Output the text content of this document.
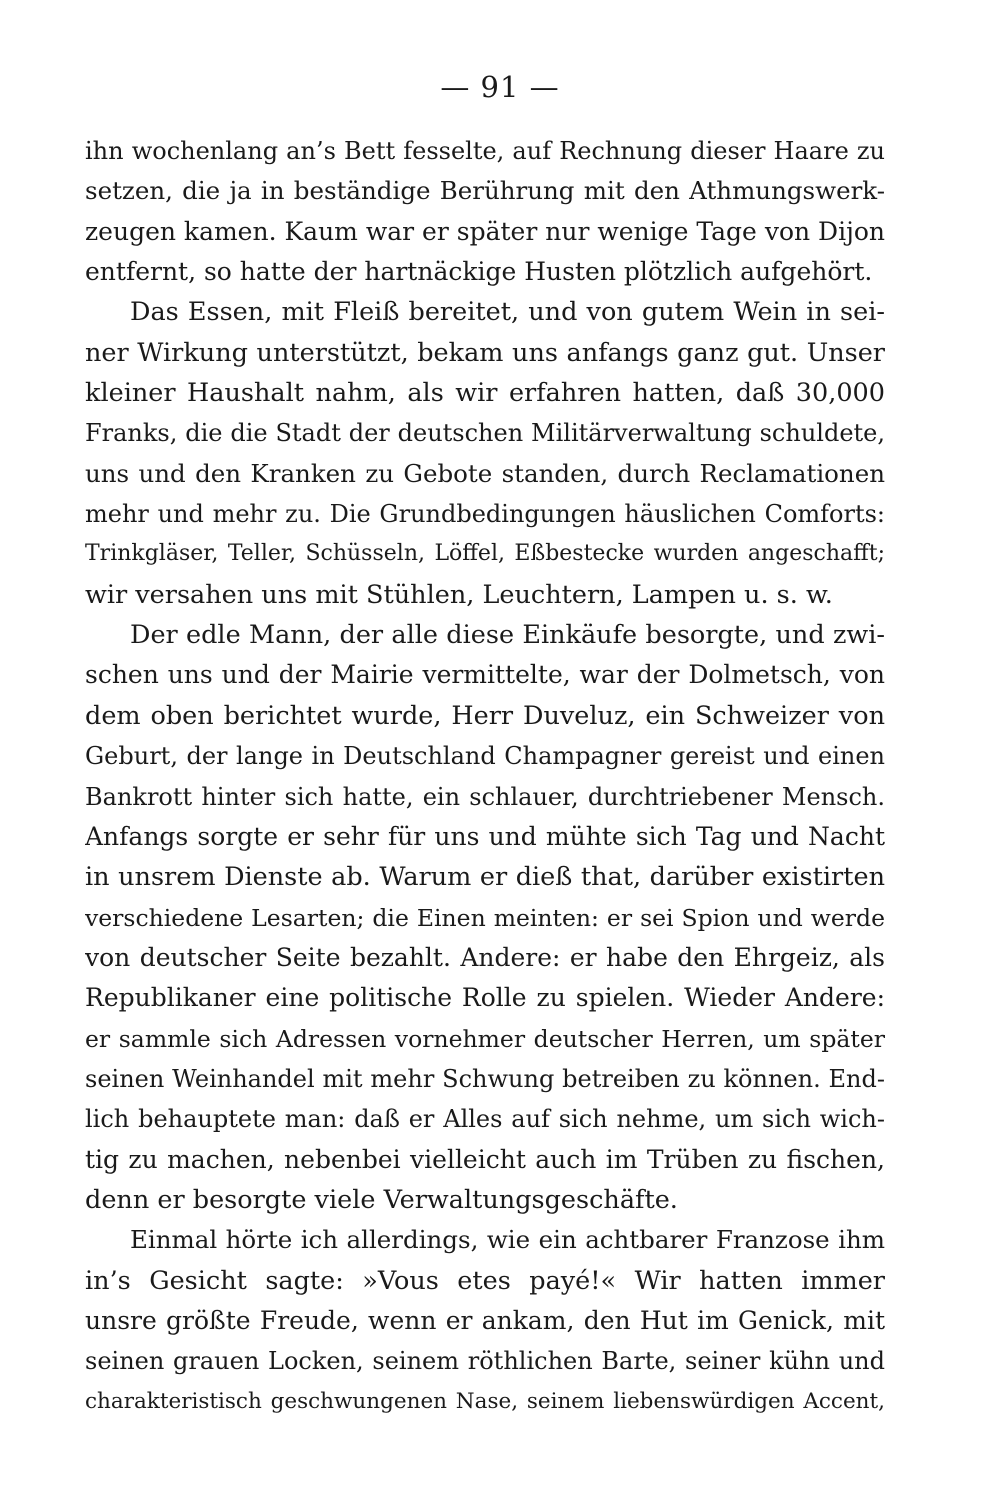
— 91 —
ihn wochenlang an’s Bett fesselte, auf Rechnung dieser Haare zu
setzen, die ja in beständige Berührung mit den Athmungswerk-
zeugen kamen. Kaum war er später nur wenige Tage von Dijon
entfernt, so hatte der hartnäckige Husten plötzlich aufgehört.
Das Essen, mit Fleiß bereitet, und von gutem Wein in sei-
ner Wirkung unterstützt, bekam uns anfangs ganz gut. Unser
kleiner Haushalt nahm, als wir erfahren hatten, daß 30,000
Franks, die die Stadt der deutschen Militärverwaltung schuldete,
uns und den Kranken zu Gebote standen, durch Reclamationen
mehr und mehr zu. Die Grundbedingungen häuslichen Comforts:
Trinkgläser, Teller, Schüsseln, Löffel, Eßbestecke wurden angeschafft;
wir versahen uns mit Stühlen, Leuchtern, Lampen u. s. w.
Der edle Mann, der alle diese Einkäufe besorgte, und zwi-
schen uns und der Mairie vermittelte, war der Dolmetsch, von
dem oben berichtet wurde, Herr Duveluz, ein Schweizer von
Geburt, der lange in Deutschland Champagner gereist und einen
Bankrott hinter sich hatte, ein schlauer, durchtriebener Mensch.
Anfangs sorgte er sehr für uns und mühte sich Tag und Nacht
in unsrem Dienste ab. Warum er dieß that, darüber existirten
verschiedene Lesarten; die Einen meinten: er sei Spion und werde
von deutscher Seite bezahlt. Andere: er habe den Ehrgeiz, als
Republikaner eine politische Rolle zu spielen. Wieder Andere:
er sammle sich Adressen vornehmer deutscher Herren, um später
seinen Weinhandel mit mehr Schwung betreiben zu können. End-
lich behauptete man: daß er Alles auf sich nehme, um sich wich-
tig zu machen, nebenbei vielleicht auch im Trüben zu fischen,
denn er besorgte viele Verwaltungsgeschäfte.
Einmal hörte ich allerdings, wie ein achtbarer Franzose ihm
in’s Gesicht sagte: »Vous etes payé!« Wir hatten immer
unsre größte Freude, wenn er ankam, den Hut im Genick, mit
seinen grauen Locken, seinem röthlichen Barte, seiner kühn und
charakteristisch geschwungenen Nase, seinem liebenswürdigen Accent,
